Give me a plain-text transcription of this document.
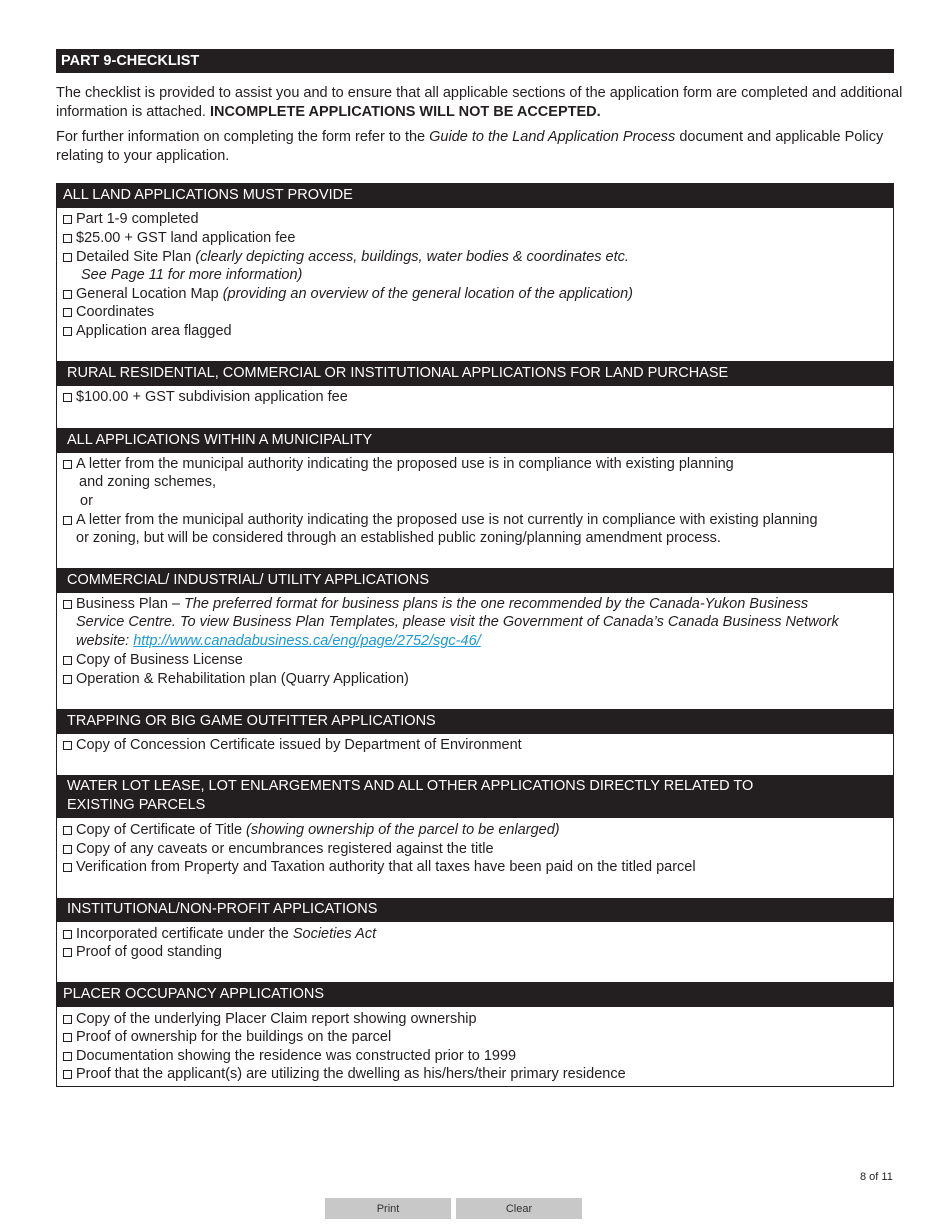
PART 9-CHECKLIST
The checklist is provided to assist you and to ensure that all applicable sections of the application form are completed and additional information is attached. INCOMPLETE APPLICATIONS WILL NOT BE ACCEPTED.
For further information on completing the form refer to the Guide to the Land Application Process document and applicable Policy relating to your application.
ALL LAND APPLICATIONS MUST PROVIDE
Part 1-9 completed
$25.00 + GST land application fee
Detailed Site Plan (clearly depicting access, buildings, water bodies & coordinates etc.
See Page 11 for more information)
General Location Map (providing an overview of the general location of the application)
Coordinates
Application area flagged
RURAL RESIDENTIAL, COMMERCIAL OR INSTITUTIONAL APPLICATIONS FOR LAND PURCHASE
$100.00 + GST subdivision application fee
ALL APPLICATIONS WITHIN A MUNICIPALITY
A letter from the municipal authority indicating the proposed use is in compliance with existing planning
and zoning schemes,
or
A letter from the municipal authority indicating the proposed use is not currently in compliance with existing planning
or zoning, but will be considered through an established public zoning/planning amendment process.
COMMERCIAL/ INDUSTRIAL/ UTILITY APPLICATIONS
Business Plan – The preferred format for business plans is the one recommended by the Canada-Yukon Business
Service Centre. To view Business Plan Templates, please visit the Government of Canada’s Canada Business Network
website: http://www.canadabusiness.ca/eng/page/2752/sgc-46/
Copy of Business License
Operation & Rehabilitation plan (Quarry Application)
TRAPPING OR BIG GAME OUTFITTER APPLICATIONS
Copy of Concession Certificate issued by Department of Environment
WATER LOT LEASE, LOT ENLARGEMENTS AND ALL OTHER APPLICATIONS DIRECTLY RELATED TO
EXISTING PARCELS
Copy of Certificate of Title (showing ownership of the parcel to be enlarged)
Copy of any caveats or encumbrances registered against the title
Verification from Property and Taxation authority that all taxes have been paid on the titled parcel
INSTITUTIONAL/NON-PROFIT APPLICATIONS
Incorporated certificate under the Societies Act
Proof of good standing
PLACER OCCUPANCY APPLICATIONS
Copy of the underlying Placer Claim report showing ownership
Proof of ownership for the buildings on the parcel
Documentation showing the residence was constructed prior to 1999
Proof that the applicant(s) are utilizing the dwelling as his/hers/their primary residence
8 of 11
Print	Clear
